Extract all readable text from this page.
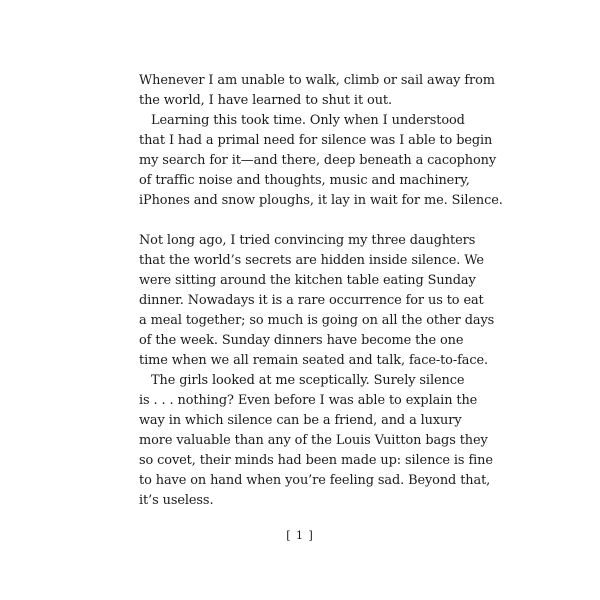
Whenever I am unable to walk, climb or sail away from
the world, I have learned to shut it out.
Learning this took time. Only when I understood
that I had a primal need for silence was I able to begin
my search for it—and there, deep beneath a cacophony
of traffic noise and thoughts, music and machinery,
iPhones and snow ploughs, it lay in wait for me. Silence.
Not long ago, I tried convincing my three daughters
that the world’s secrets are hidden inside silence. We
were sitting around the kitchen table eating Sunday
dinner. Nowadays it is a rare occurrence for us to eat
a meal together; so much is going on all the other days
of the week. Sunday dinners have become the one
time when we all remain seated and talk, face-to-face.
The girls looked at me sceptically. Surely silence
is . . . nothing? Even before I was able to explain the
way in which silence can be a friend, and a luxury
more valuable than any of the Louis Vuitton bags they
so covet, their minds had been made up: silence is fine
to have on hand when you’re feeling sad. Beyond that,
it’s useless.
[ 1 ]
